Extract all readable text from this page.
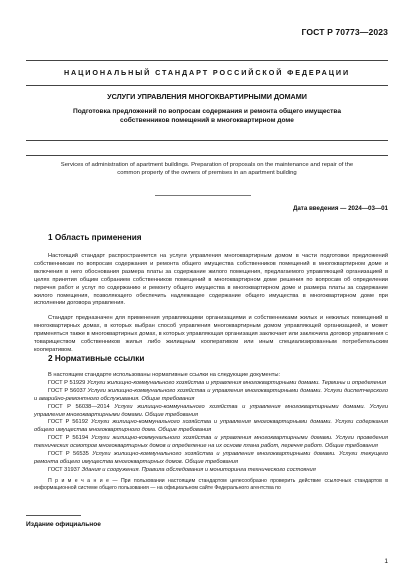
ГОСТ Р 70773—2023
НАЦИОНАЛЬНЫЙ СТАНДАРТ РОССИЙСКОЙ ФЕДЕРАЦИИ
УСЛУГИ УПРАВЛЕНИЯ МНОГОКВАРТИРНЫМИ ДОМАМИ
Подготовка предложений по вопросам содержания и ремонта общего имущества
собственников помещений в многоквартирном доме
Services of administration of apartment buildings. Preparation of proposals on the maintenance and repair of the
common property of the owners of premises in an apartment building
Дата введения — 2024—03—01
1 Область применения
Настоящий стандарт распространяется на услуги управления многоквартирным домом в части подготовки предложений собственникам по вопросам содержания и ремонта общего имущества собственников помещений в многоквартирном доме и включения в него обоснования размера платы за содержание жилого помещения, предлагаемого управляющей организацией в целях принятия общим собранием собственников помещений в многоквартирном доме решения по вопросам об определении перечня работ и услуг по содержанию и ремонту общего имущества в многоквартирном доме и размера платы за содержание жилого помещения, позволяющего обеспечить надлежащее содержание общего имущества в многоквартирном доме при исполнении договора управления.
Стандарт предназначен для применения управляющими организациями и собственниками жилых и нежилых помещений в многоквартирных домах, в которых выбран способ управления многоквартирным домом управляющей организацией, и может применяться также в многоквартирных домах, в которых управляющая организация заключает или заключила договор управления с товариществом собственников жилья либо жилищным кооперативом или иным специализированным потребительским кооперативом.
2 Нормативные ссылки

В настоящем стандарте использованы нормативные ссылки на следующие документы:

ГОСТ Р 51929 Услуги жилищно-коммунального хозяйства и управления многоквартирными домами. Термины и определения

ГОСТ Р 56037 Услуги жилищно-коммунального хозяйства и управления многоквартирными домами. Услуги диспетчерского и аварийно-ремонтного обслуживания. Общие требования

ГОСТ Р 56038—2014 Услуги жилищно-коммунального хозяйства и управления многоквартирными домами. Услуги управления многоквартирными домами. Общие требования

ГОСТ Р 56192 Услуги жилищно-коммунального хозяйства и управления многоквартирными домами. Услуги содержания общего имущества многоквартирного дома. Общие требования

ГОСТ Р 56194 Услуги жилищно-коммунального хозяйства и управления многоквартирными домами. Услуги проведения технических осмотров многоквартирных домов и определение на их основе плана работ, перечня работ. Общие требования

ГОСТ Р 56535 Услуги жилищно-коммунального хозяйства и управления многоквартирными домами. Услуги текущего ремонта общего имущества многоквартирных домов. Общие требования

ГОСТ 31937 Здания и сооружения. Правила обследования и мониторинга технического состояния

П р и м е ч а н и е — При пользовании настоящим стандартом целесообразно проверить действие ссылочных стандартов в информационной системе общего пользования — на официальном сайте Федерального агентства по

Издание официальное
1
